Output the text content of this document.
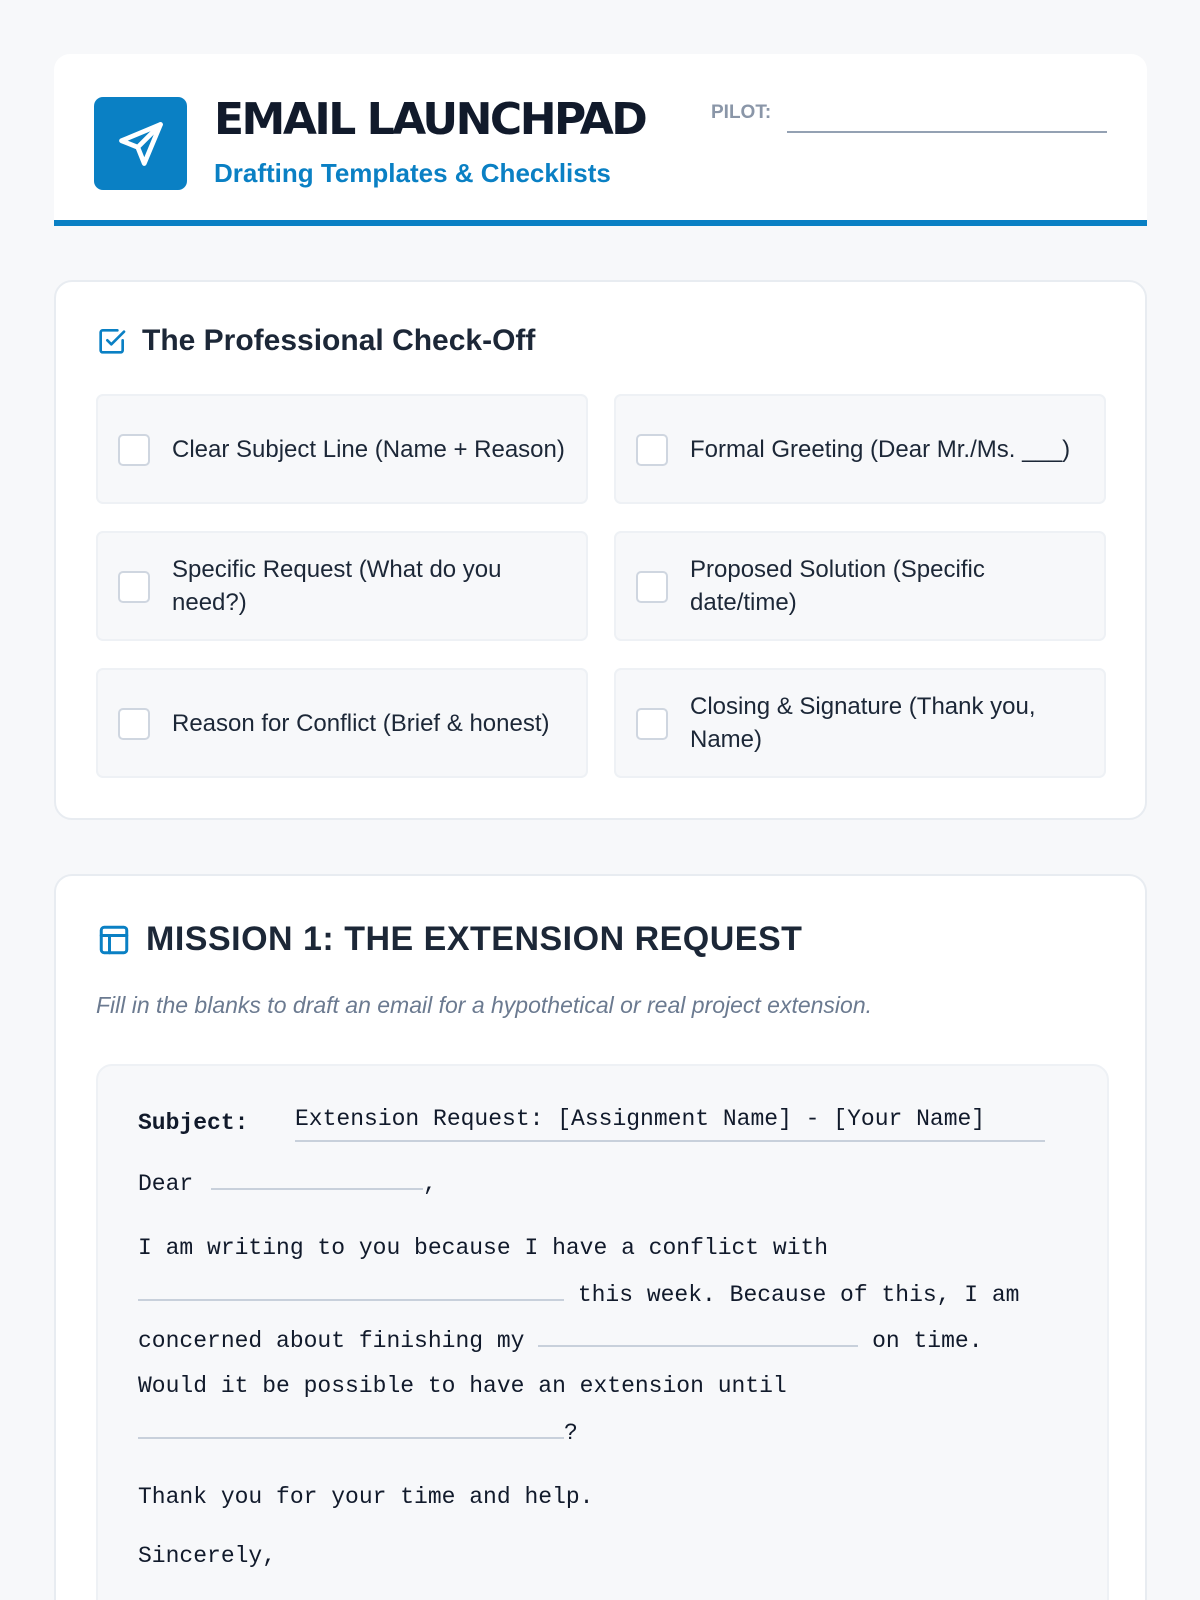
EMAIL LAUNCHPAD
Drafting Templates & Checklists
PILOT:
The Professional Check-Off
Clear Subject Line (Name + Reason)	Formal Greeting (Dear Mr./Ms. ___)
Specific Request (What do you need?)
Proposed Solution (Specific date/time)
Reason for Conflict (Brief & honest)
Closing & Signature (Thank you, Name)
MISSION 1: THE EXTENSION REQUEST
Fill in the blanks to draft an email for a hypothetical or real project extension.
Subject: Extension Request: [Assignment Name] - [Your Name]
Dear	,
I am writing to you because I have a conflict with
this week. Because of this, I am
concerned about finishing my	on time.
Would it be possible to have an extension until
?
Thank you for your time and help.
Sincerely,
